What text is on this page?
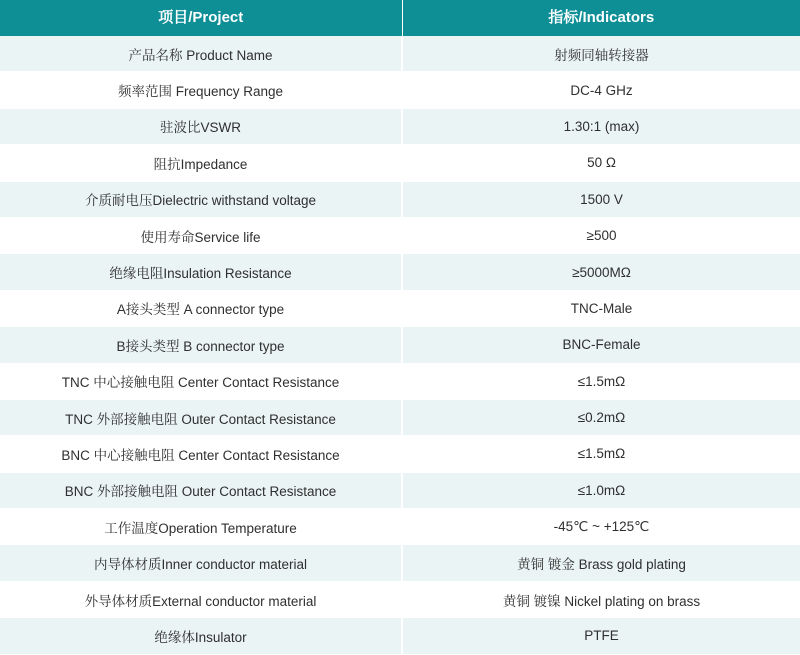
项目/Project	指标/Indicators
产品名称 Product Name	射频同轴转接器
频率范围 Frequency Range	DC-4 GHz
驻波比VSWR	1.30:1 (max)
阻抗Impedance	50 Ω
介质耐电压Dielectric withstand voltage	1500 V
使用寿命Service life	≥500
绝缘电阻Insulation Resistance	≥5000MΩ
A接头类型 A connector type	TNC-Male
B接头类型 B connector type	BNC-Female
TNC 中心接触电阻 Center Contact Resistance	≤1.5mΩ
TNC 外部接触电阻 Outer Contact Resistance	≤0.2mΩ
BNC 中心接触电阻 Center Contact Resistance	≤1.5mΩ
BNC 外部接触电阻 Outer Contact Resistance	≤1.0mΩ
工作温度Operation Temperature	-45℃ ~ +125℃
内导体材质Inner conductor material	黄铜 镀金 Brass gold plating
外导体材质External conductor material	黄铜 镀镍 Nickel plating on brass
绝缘体Insulator	PTFE
